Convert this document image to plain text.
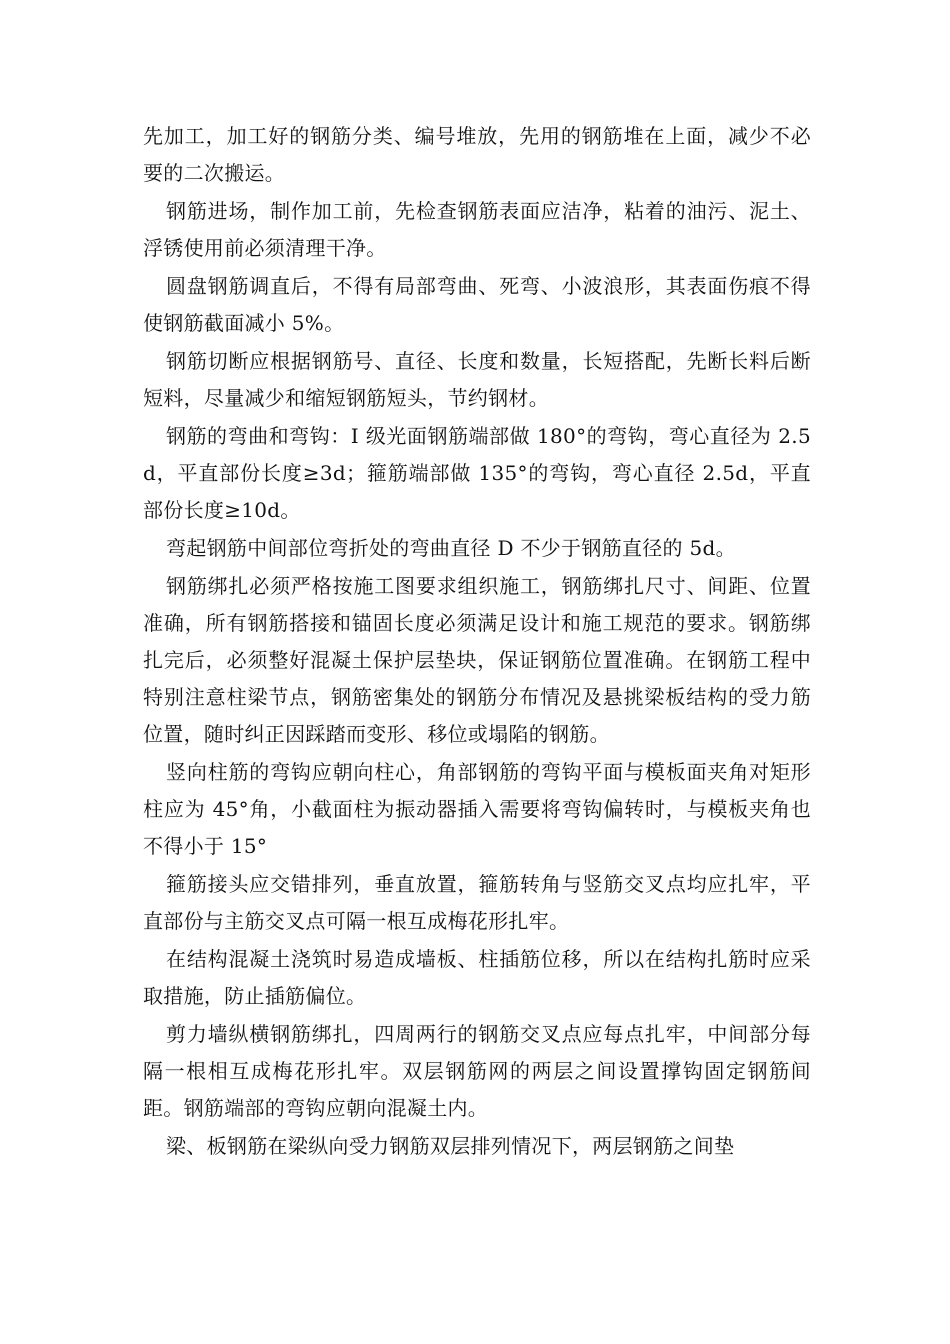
先加工，加工好的钢筋分类、编号堆放，先用的钢筋堆在上面，减少不必要的二次搬运。

钢筋进场，制作加工前，先检查钢筋表面应洁净，粘着的油污、泥土、浮锈使用前必须清理干净。

圆盘钢筋调直后，不得有局部弯曲、死弯、小波浪形，其表面伤痕不得使钢筋截面减小 5%。

钢筋切断应根据钢筋号、直径、长度和数量，长短搭配，先断长料后断短料，尽量减少和缩短钢筋短头，节约钢材。

钢筋的弯曲和弯钩：I 级光面钢筋端部做 180°的弯钩，弯心直径为 2.5d，平直部份长度≥3d；箍筋端部做 135°的弯钩，弯心直径 2.5d，平直部份长度≥10d。

弯起钢筋中间部位弯折处的弯曲直径 D 不少于钢筋直径的 5d。

钢筋绑扎必须严格按施工图要求组织施工，钢筋绑扎尺寸、间距、位置准确，所有钢筋搭接和锚固长度必须满足设计和施工规范的要求。钢筋绑扎完后，必须整好混凝土保护层垫块，保证钢筋位置准确。在钢筋工程中特别注意柱梁节点，钢筋密集处的钢筋分布情况及悬挑梁板结构的受力筋位置，随时纠正因踩踏而变形、移位或塌陷的钢筋。

竖向柱筋的弯钩应朝向柱心，角部钢筋的弯钩平面与模板面夹角对矩形柱应为 45°角，小截面柱为振动器插入需要将弯钩偏转时，与模板夹角也不得小于 15°

箍筋接头应交错排列，垂直放置，箍筋转角与竖筋交叉点均应扎牢，平直部份与主筋交叉点可隔一根互成梅花形扎牢。

在结构混凝土浇筑时易造成墙板、柱插筋位移，所以在结构扎筋时应采取措施，防止插筋偏位。

剪力墙纵横钢筋绑扎，四周两行的钢筋交叉点应每点扎牢，中间部分每隔一根相互成梅花形扎牢。双层钢筋网的两层之间设置撑钩固定钢筋间距。钢筋端部的弯钩应朝向混凝土内。

梁、板钢筋在梁纵向受力钢筋双层排列情况下，两层钢筋之间垫
